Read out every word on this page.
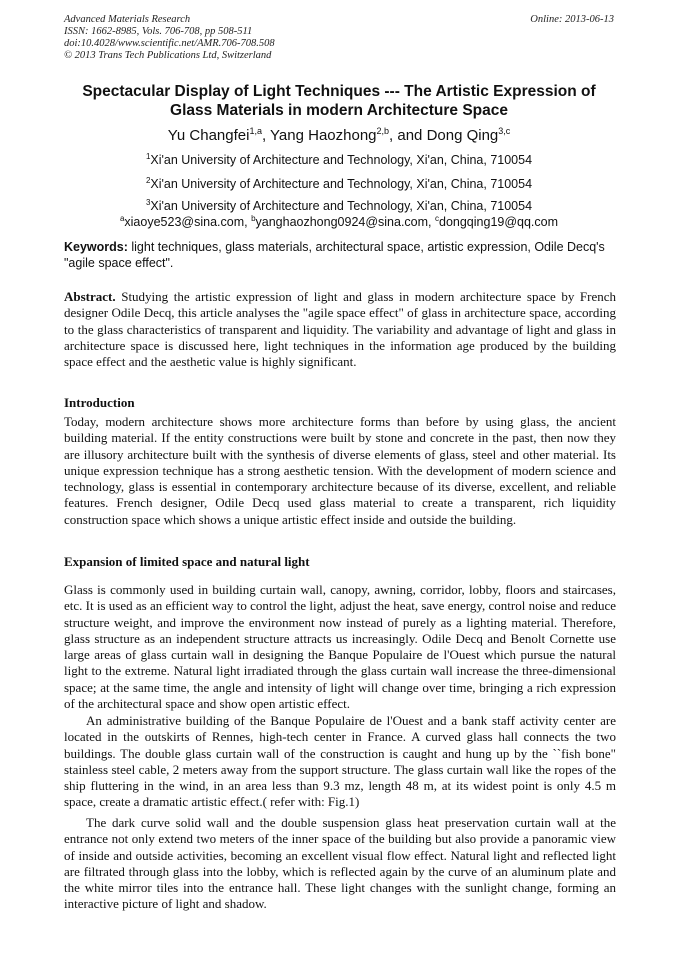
Advanced Materials Research
ISSN: 1662-8985, Vols. 706-708, pp 508-511
doi:10.4028/www.scientific.net/AMR.706-708.508
© 2013 Trans Tech Publications Ltd, Switzerland
Online: 2013-06-13
Spectacular Display of Light Techniques --- The Artistic Expression of Glass Materials in modern Architecture Space
Yu Changfei$^{1,a}$, Yang Haozhong$^{2,b}$, and Dong Qing$^{3,c}$
$^1$Xi'an University of Architecture and Technology, Xi'an, China, 710054
$^2$Xi'an University of Architecture and Technology, Xi'an, China, 710054
$^3$Xi'an University of Architecture and Technology, Xi'an, China, 710054
$^a$xiaoye523@sina.com, $^b$yanghaozhong0924@sina.com, $^c$dongqing19@qq.com
Keywords: light techniques, glass materials, architectural space, artistic expression, Odile Decq's "agile space effect".
Abstract. Studying the artistic expression of light and glass in modern architecture space by French designer Odile Decq, this article analyses the "agile space effect" of glass in architecture space, according to the glass characteristics of transparent and liquidity. The variability and advantage of light and glass in architecture space is discussed here, light techniques in the information age produced by the building space effect and the aesthetic value is highly significant.
Introduction

Today, modern architecture shows more architecture forms than before by using glass, the ancient building material. If the entity constructions were built by stone and concrete in the past, then now they are illusory architecture built with the synthesis of diverse elements of glass, steel and other material. Its unique expression technique has a strong aesthetic tension. With the development of modern science and technology, glass is essential in contemporary architecture because of its diverse, excellent, and reliable features. French designer, Odile Decq used glass material to create a transparent, rich liquidity construction space which shows a unique artistic effect inside and outside the building.

Expansion of limited space and natural light

Glass is commonly used in building curtain wall, canopy, awning, corridor, lobby, floors and staircases, etc. It is used as an efficient way to control the light, adjust the heat, save energy, control noise and reduce structure weight, and improve the environment now instead of purely as a lighting material. Therefore, glass structure as an independent structure attracts us increasingly. Odile Decq and Benolt Cornette use large areas of glass curtain wall in designing the Banque Populaire de l'Ouest which pursue the natural light to the extreme. Natural light irradiated through the glass curtain wall increase the three-dimensional space; at the same time, the angle and intensity of light will change over time, bringing a rich expression of the architectural space and show open artistic effect.

An administrative building of the Banque Populaire de l'Ouest and a bank staff activity center are located in the outskirts of Rennes, high-tech center in France. A curved glass hall connects the two buildings. The double glass curtain wall of the construction is caught and hung up by the ``fish bone" stainless steel cable, 2 meters away from the support structure. The glass curtain wall like the ropes of the ship fluttering in the wind, in an area less than 9.3 mz, length 48 m, at its widest point is only 4.5 m space, create a dramatic artistic effect.( refer with: Fig.1)

The dark curve solid wall and the double suspension glass heat preservation curtain wall at the entrance not only extend two meters of the inner space of the building but also provide a panoramic view of inside and outside activities, becoming an excellent visual flow effect. Natural light and reflected light are filtrated through glass into the lobby, which is reflected again by the curve of an aluminum plate and the white mirror tiles into the entrance hall. These light changes with the sunlight change, forming an interactive picture of light and shadow.
